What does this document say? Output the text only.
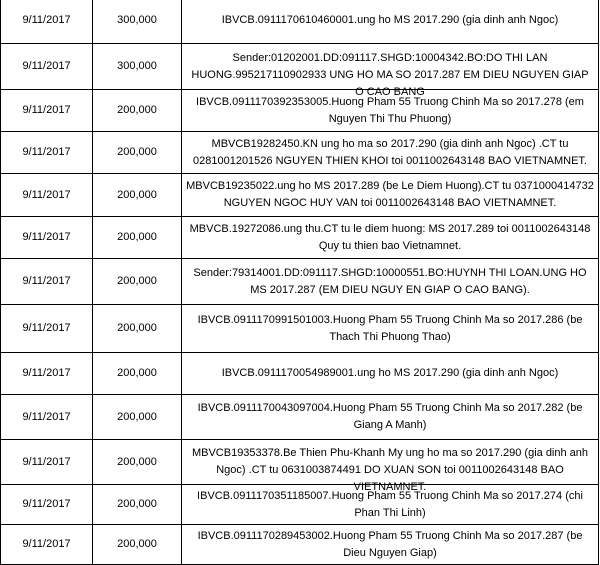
9/11/2017	300,000	IBVCB.0911170610460001.ung ho MS 2017.290 (gia dinh anh Ngoc)

9/11/2017	300,000	Sender:01202001.DD:091117.SHGD:10004342.BO:DO THI LAN HUONG.995217110902933 UNG HO MA SO 2017.287 EM DIEU NGUYEN GIAP O CAO BANG

9/11/2017	200,000	IBVCB.0911170392353005.Huong Pham 55 Truong Chinh Ma so 2017.278 (em Nguyen Thi Thu Phuong)

9/11/2017	200,000	MBVCB19282450.KN ung ho ma so 2017.290 (gia dinh anh Ngoc) .CT tu 0281001201526 NGUYEN THIEN KHOI toi 0011002643148 BAO VIETNAMNET.

9/11/2017	200,000	MBVCB19235022.ung ho MS 2017.289 (be Le Diem Huong).CT tu 0371000414732 NGUYEN NGOC HUY VAN toi 0011002643148 BAO VIETNAMNET.

9/11/2017	200,000	MBVCB.19272086.ung thu.CT tu le diem huong: MS 2017.289 toi 0011002643148 Quy tu thien bao Vietnamnet.

9/11/2017	200,000	Sender:79314001.DD:091117.SHGD:10000551.BO:HUYNH THI LOAN.UNG HO MS 2017.287 (EM DIEU NGUY EN GIAP O CAO BANG).

9/11/2017	200,000	IBVCB.0911170991501003.Huong Pham 55 Truong Chinh Ma so 2017.286 (be Thach Thi Phuong Thao)

9/11/2017	200,000	IBVCB.0911170054989001.ung ho MS 2017.290 (gia dinh anh Ngoc)

9/11/2017	200,000	IBVCB.0911170043097004.Huong Pham 55 Truong Chinh Ma so 2017.282 (be Giang A Manh)

9/11/2017	200,000	MBVCB19353378.Be Thien Phu-Khanh My ung ho ma so 2017.290 (gia dinh anh Ngoc) .CT tu 0631003874491 DO XUAN SON toi 0011002643148 BAO VIETNAMNET.

9/11/2017	200,000	IBVCB.0911170351185007.Huong Pham 55 Truong Chinh Ma so 2017.274 (chi Phan Thi Linh)

9/11/2017	200,000	IBVCB.0911170289453002.Huong Pham 55 Truong Chinh Ma so 2017.287 (be Dieu Nguyen Giap)
